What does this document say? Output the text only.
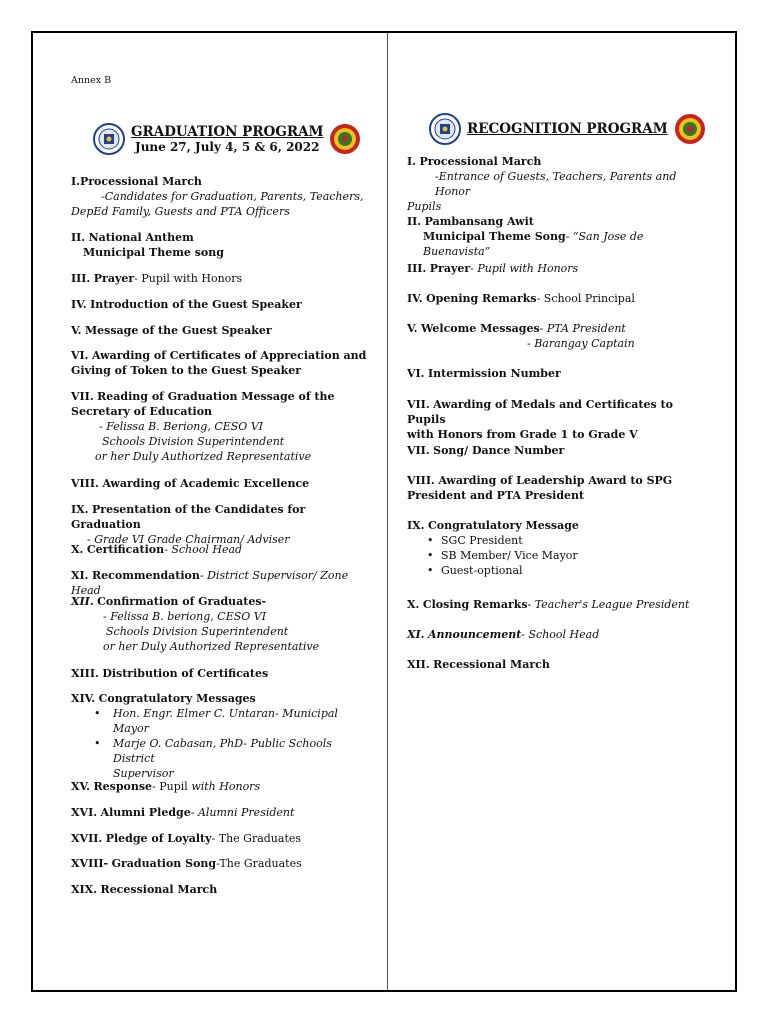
Annex B
GRADUATION PROGRAM
June 27, July 4, 5 & 6, 2022
I.Processional March
-Candidates for Graduation, Parents, Teachers,
DepEd Family, Guests and PTA Officers
II. National Anthem
Municipal Theme song
III. Prayer- Pupil with Honors
IV. Introduction of the Guest Speaker
V. Message of the Guest Speaker
VI. Awarding of Certificates of Appreciation and
Giving of Token to the Guest Speaker
VII. Reading of Graduation Message of the
Secretary of Education
- Felissa B. Beriong, CESO VI
Schools Division Superintendent
or her Duly Authorized Representative
VIII. Awarding of Academic Excellence
IX. Presentation of the Candidates for Graduation
- Grade VI Grade Chairman/ Adviser
X. Certification- School Head
XI. Recommendation- District Supervisor/ Zone Head
XII. Confirmation of Graduates-
- Felissa B. beriong, CESO VI
Schools Division Superintendent
or her Duly Authorized Representative
XIII. Distribution of Certificates
XIV. Congratulatory Messages
• Hon. Engr. Elmer C. Untaran- Municipal
Mayor
• Marje O. Cabasan, PhD- Public Schools District
Supervisor
XV. Response- Pupil with Honors
XVI. Alumni Pledge- Alumni President
XVII. Pledge of Loyalty- The Graduates
XVIII- Graduation Song-The Graduates
XIX. Recessional March
RECOGNITION PROGRAM
I. Processional March
-Entrance of Guests, Teachers, Parents and Honor
Pupils
II. Pambansang Awit
Municipal Theme Song- “San Jose de Buenavista”
III. Prayer- Pupil with Honors
IV. Opening Remarks- School Principal
V. Welcome Messages- PTA President
- Barangay Captain
VI. Intermission Number
VII. Awarding of Medals and Certificates to Pupils
with Honors from Grade 1 to Grade V
VII. Song/ Dance Number
VIII. Awarding of Leadership Award to SPG
President and PTA President
IX. Congratulatory Message
• SGC President
• SB Member/ Vice Mayor
• Guest-optional
X. Closing Remarks- Teacher's League President
XI. Announcement- School Head
XII. Recessional March
